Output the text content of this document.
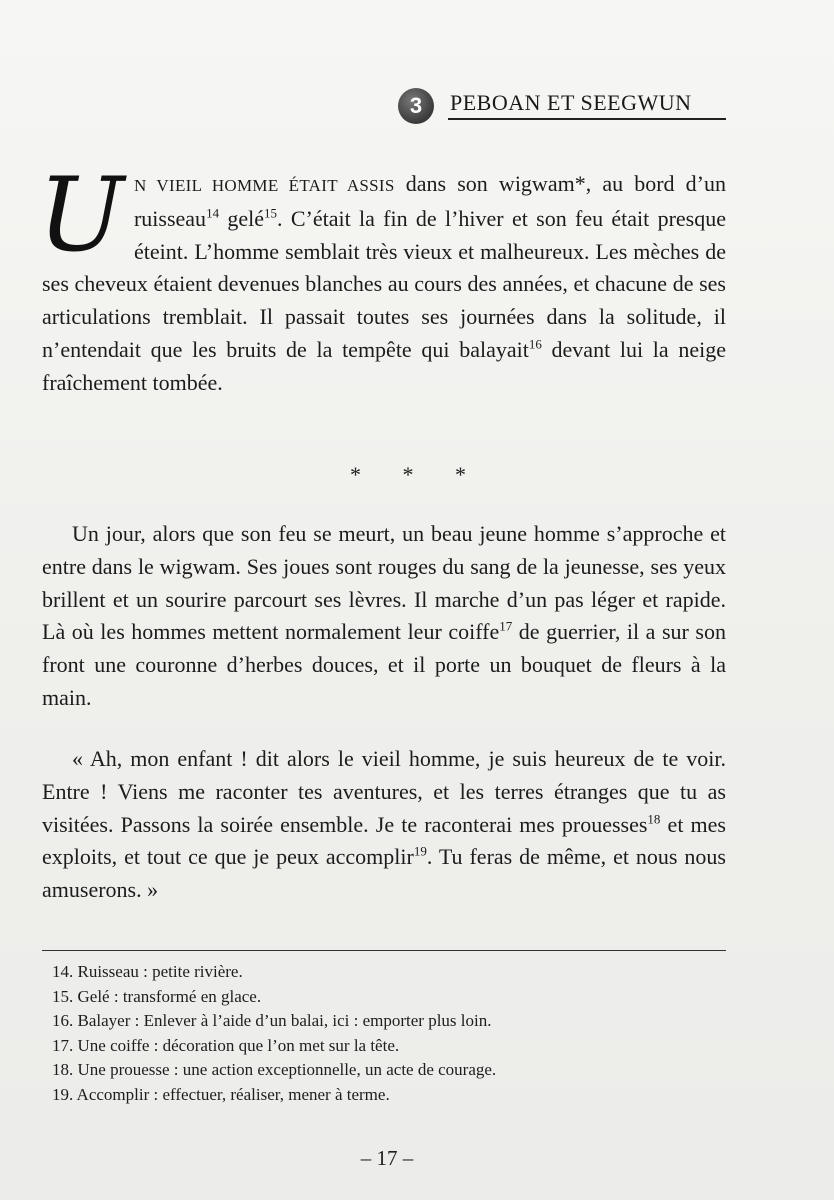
3	PEBOAN ET SEEGWUN

U N VIEIL HOMME ÉTAIT ASSIS dans son wigwam*, au bord d’un ruisseau$^{14}$ gelé$^{15}$. C’était la fin de l’hiver et son feu était presque éteint. L’homme semblait très vieux et malheureux. Les mèches de ses cheveux étaient devenues blanches au cours des années, et chacune de ses articulations tremblait. Il passait toutes ses journées dans la solitude, il n’entendait que les bruits de la tempête qui balayait$^{16}$ devant lui la neige fraîchement tombée.

* * *

Un jour, alors que son feu se meurt, un beau jeune homme s’approche et entre dans le wigwam. Ses joues sont rouges du sang de la jeunesse, ses yeux brillent et un sourire parcourt ses lèvres. Il marche d’un pas léger et rapide. Là où les hommes mettent normalement leur coiffe$^{17}$ de guerrier, il a sur son front une couronne d’herbes douces, et il porte un bouquet de fleurs à la main.

« Ah, mon enfant ! dit alors le vieil homme, je suis heureux de te voir. Entre ! Viens me raconter tes aventures, et les terres étranges que tu as visitées. Passons la soirée ensemble. Je te raconterai mes prouesses$^{18}$ et mes exploits, et tout ce que je peux accomplir$^{19}$. Tu feras de même, et nous nous amuserons. »

14. Ruisseau : petite rivière.
15. Gelé : transformé en glace.
16. Balayer : Enlever à l’aide d’un balai, ici : emporter plus loin.
17. Une coiffe : décoration que l’on met sur la tête.
18. Une prouesse : une action exceptionnelle, un acte de courage.
19. Accomplir : effectuer, réaliser, mener à terme.
– 17 –
